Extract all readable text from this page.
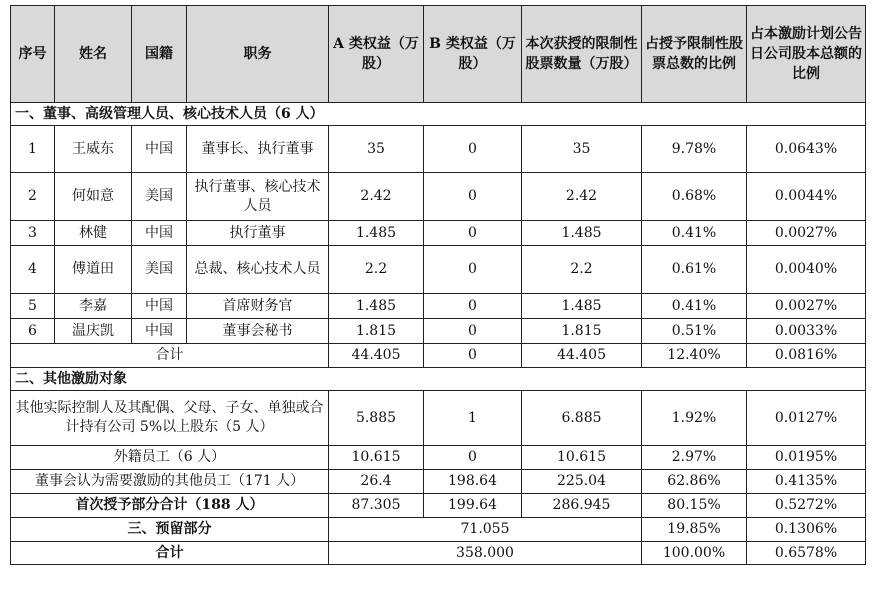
序号	姓名	国籍	职务	A 类权益（万股）	B 类权益（万股）	本次获授的限制性股票数量（万股）	占授予限制性股票总数的比例	占本激励计划公告日公司股本总额的比例
一、董事、高级管理人员、核心技术人员（6 人）								
1	王威东	中国	董事长、执行董事	35	0	35	9.78%	0.0643%
2	何如意	美国	执行董事、核心技术人员	2.42	0	2.42	0.68%	0.0044%
3	林健	中国	执行董事	1.485	0	1.485	0.41%	0.0027%
4	傅道田	美国	总裁、核心技术人员	2.2	0	2.2	0.61%	0.0040%
5	李嘉	中国	首席财务官	1.485	0	1.485	0.41%	0.0027%
6	温庆凯	中国	董事会秘书	1.815	0	1.815	0.51%	0.0033%
合计				44.405	0	44.405	12.40%	0.0816%
二、其他激励对象								
其他实际控制人及其配偶、父母、子女、单独或合计持有公司 5%以上股东（5 人）				5.885	1	6.885	1.92%	0.0127%
外籍员工（6 人）				10.615	0	10.615	2.97%	0.0195%
董事会认为需要激励的其他员工（171 人）				26.4	198.64	225.04	62.86%	0.4135%
首次授予部分合计（188 人）				87.305	199.64	286.945	80.15%	0.5272%
三、预留部分				71.055			19.85%	0.1306%
合计				358.000			100.00%	0.6578%
